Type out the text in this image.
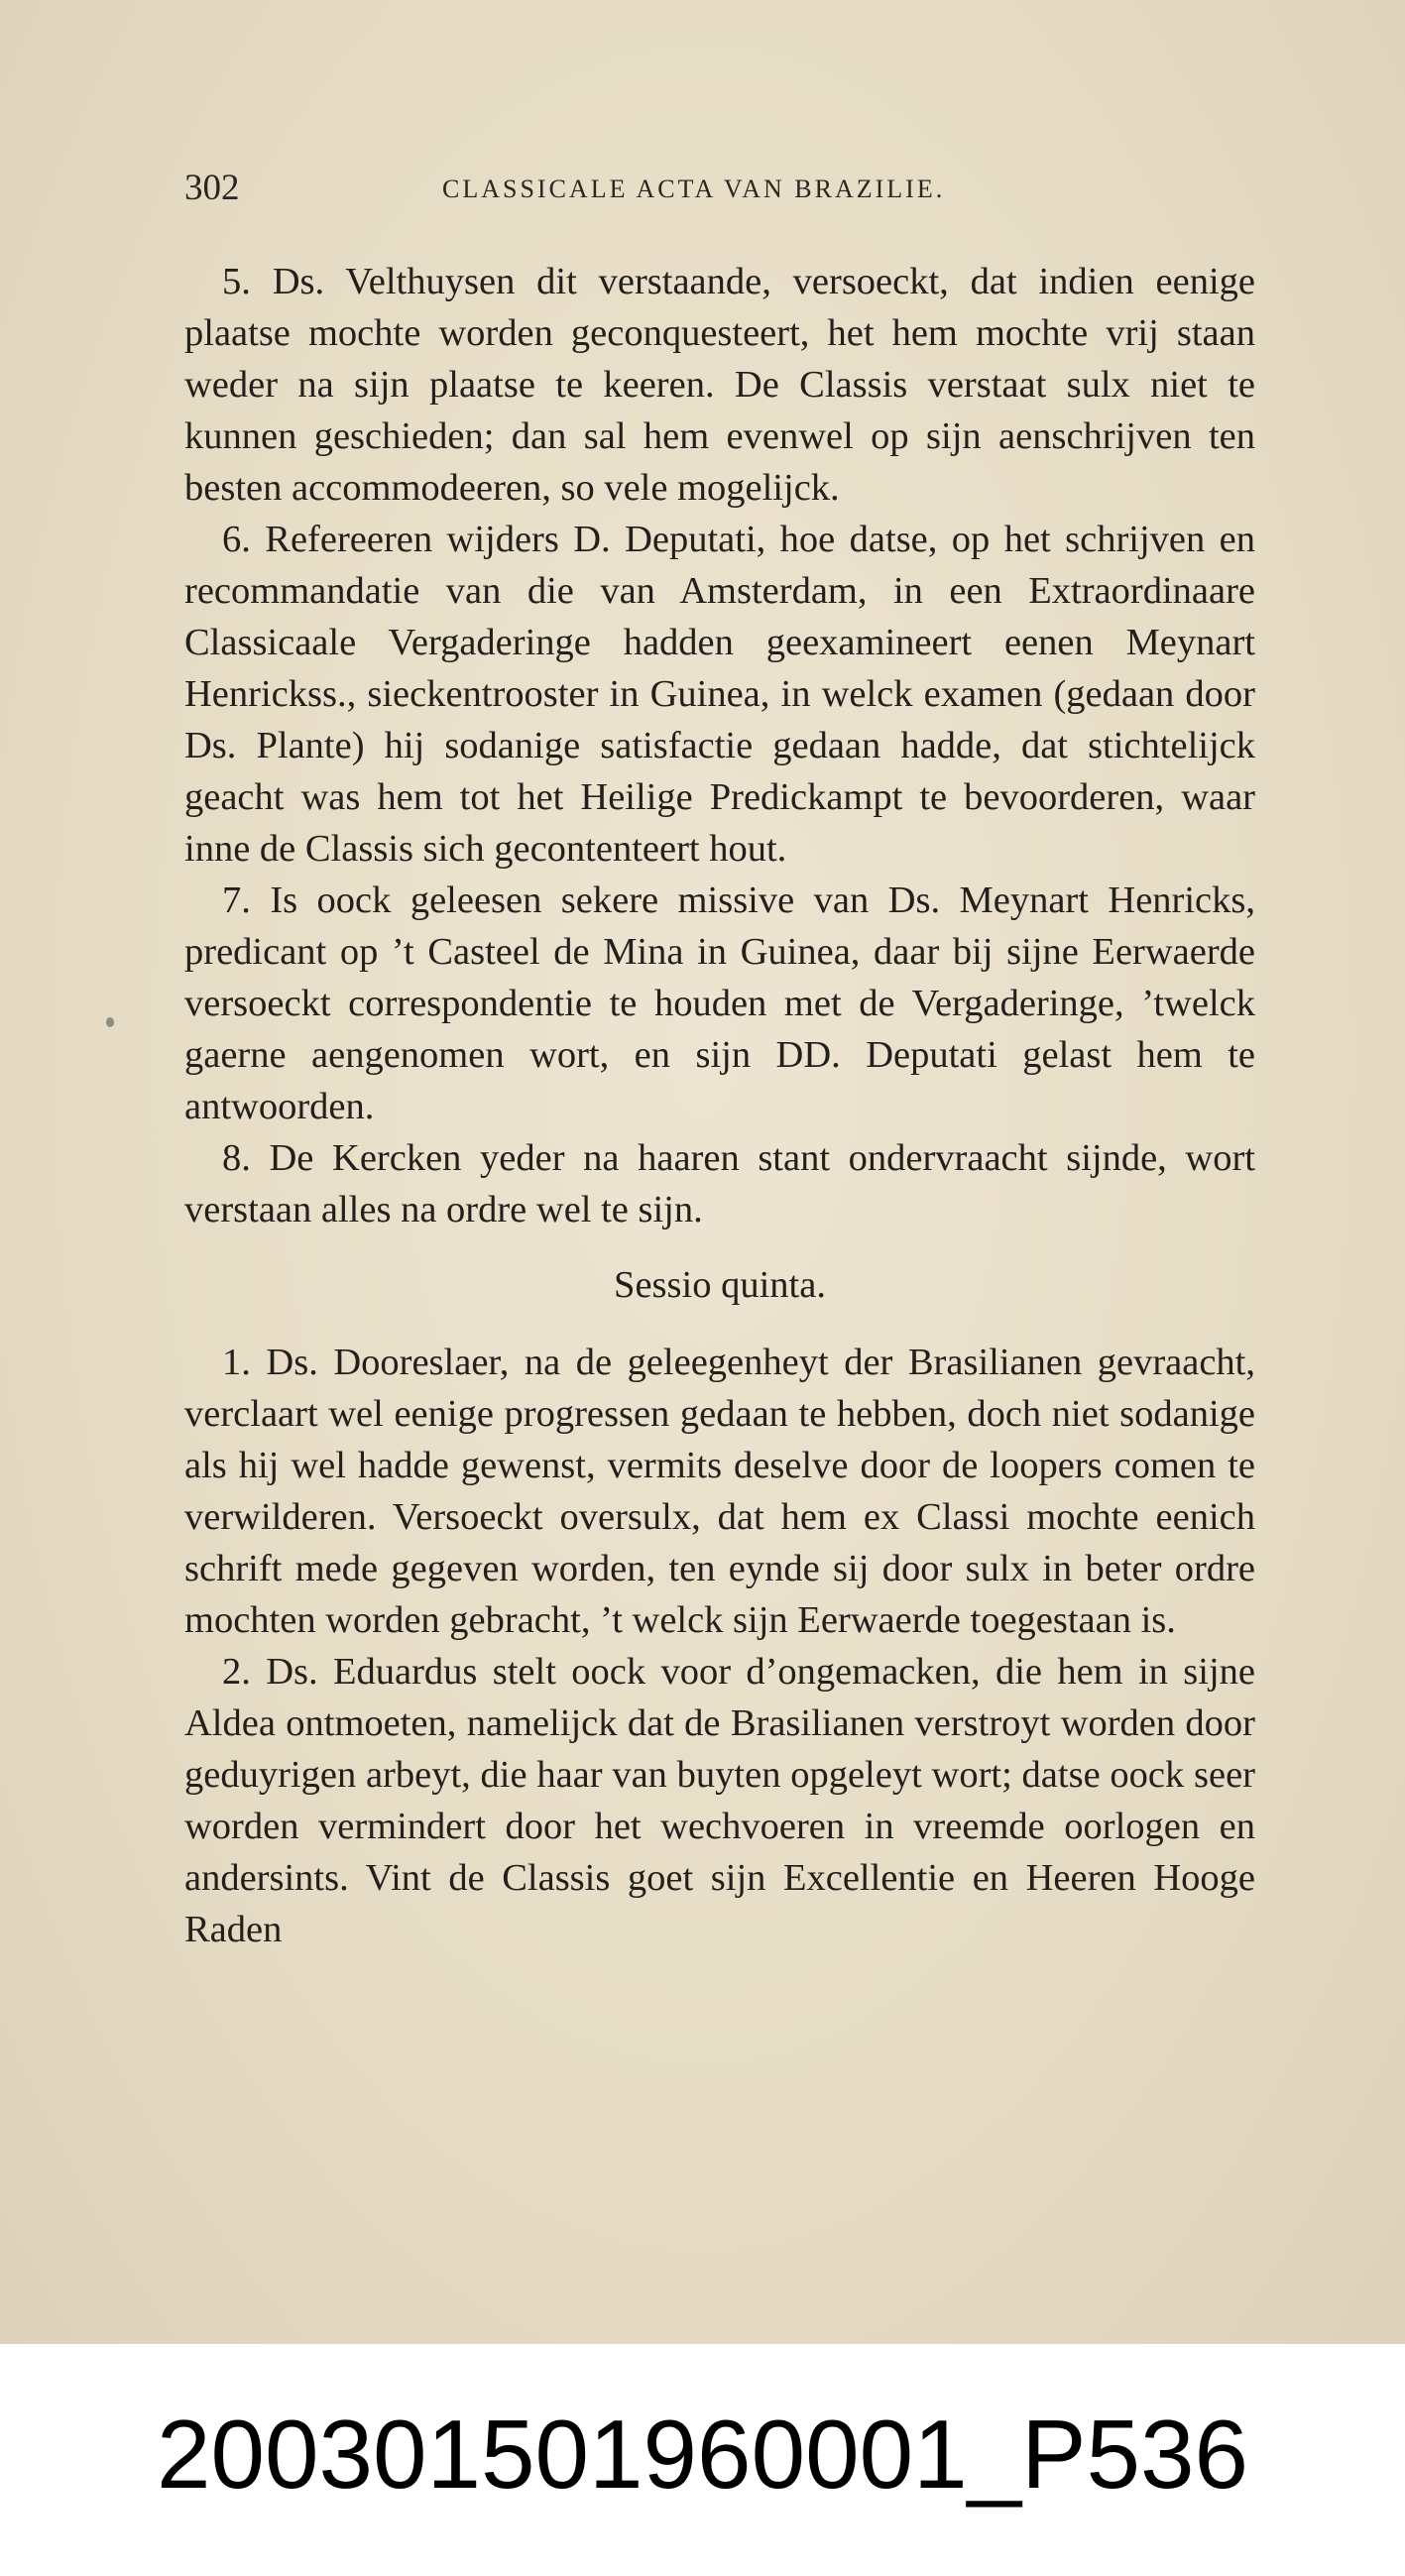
302	CLASSICALE ACTA VAN BRAZILIE.

5. Ds. Velthuysen dit verstaande, versoeckt, dat indien eenige plaatse mochte worden geconquesteert, het hem mochte vrij staan weder na sijn plaatse te keeren. De Classis verstaat sulx niet te kunnen geschieden; dan sal hem evenwel op sijn aenschrijven ten besten accommodeeren, so vele mogelijck.

6. Refereeren wijders D. Deputati, hoe datse, op het schrijven en recommandatie van die van Amsterdam, in een Extraordinaare Classicaale Vergaderinge hadden geexamineert eenen Meynart Henrickss., sieckentrooster in Guinea, in welck examen (gedaan door Ds. Plante) hij sodanige satisfactie gedaan hadde, dat stichtelijck geacht was hem tot het Heilige Predickampt te bevoorderen, waar inne de Classis sich gecontenteert hout.

7. Is oock geleesen sekere missive van Ds. Meynart Henricks, predicant op ’t Casteel de Mina in Guinea, daar bij sijne Eerwaerde versoeckt correspondentie te houden met de Vergaderinge, ’twelck gaerne aengenomen wort, en sijn DD. Deputati gelast hem te antwoorden.

8. De Kercken yeder na haaren stant ondervraacht sijnde, wort verstaan alles na ordre wel te sijn.

Sessio quinta.

1. Ds. Dooreslaer, na de geleegenheyt der Brasilianen gevraacht, verclaart wel eenige progressen gedaan te hebben, doch niet sodanige als hij wel hadde gewenst, vermits deselve door de loopers comen te verwilderen. Versoeckt oversulx, dat hem ex Classi mochte eenich schrift mede gegeven worden, ten eynde sij door sulx in beter ordre mochten worden gebracht, ’t welck sijn Eerwaerde toegestaan is.

2. Ds. Eduardus stelt oock voor d’ongemacken, die hem in sijne Aldea ontmoeten, namelijck dat de Brasilianen verstroyt worden door geduyrigen arbeyt, die haar van buyten opgeleyt wort; datse oock seer worden vermindert door het wechvoeren in vreemde oorlogen en andersints. Vint de Classis goet sijn Excellentie en Heeren Hooge Raden

20030150196000​1_P536
